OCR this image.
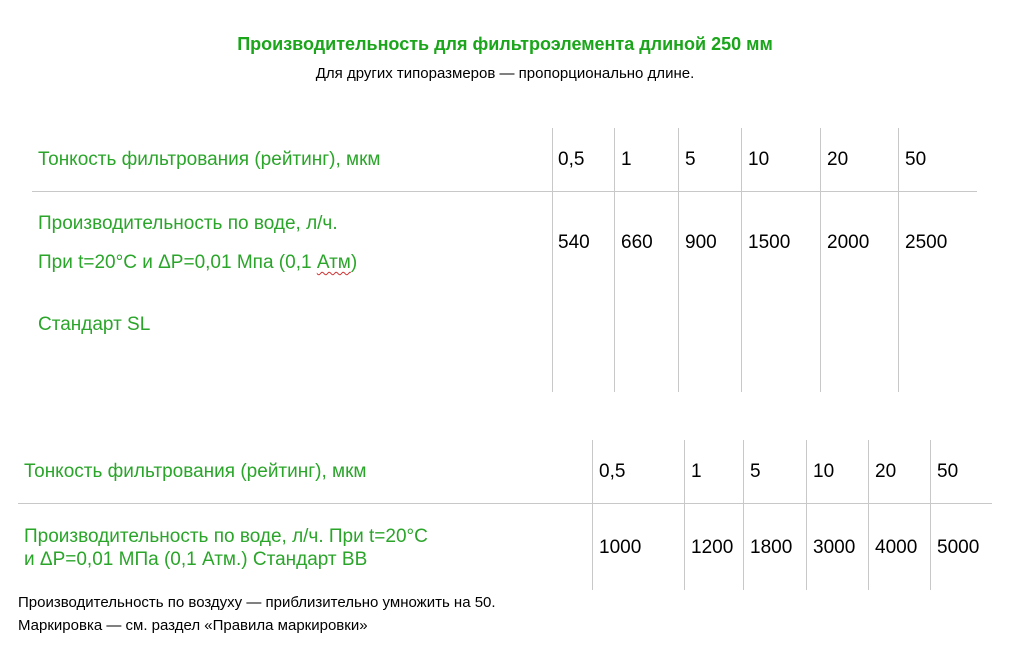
Производительность для фильтроэлемента длиной 250 мм
Для других типоразмеров — пропорционально длине.
Тонкость фильтрования (рейтинг), мкм	0,5 1	5	10	20	50
Производительность по воде, л/ч.
При t=20°C и ΔP=0,01 Мпа (0,1 Атм)
Стандарт SL
540 660 900 1500 2000 2500
Тонкость фильтрования (рейтинг), мкм	0,5	1	5	10 20 50
Производительность по воде, л/ч. При t=20°C
и ΔP=0,01 МПа (0,1 Атм.) Стандарт BB
1000	1200 1800 3000 4000 5000
Производительность по воздуху — приблизительно умножить на 50.
Маркировка — см. раздел «Правила маркировки»
